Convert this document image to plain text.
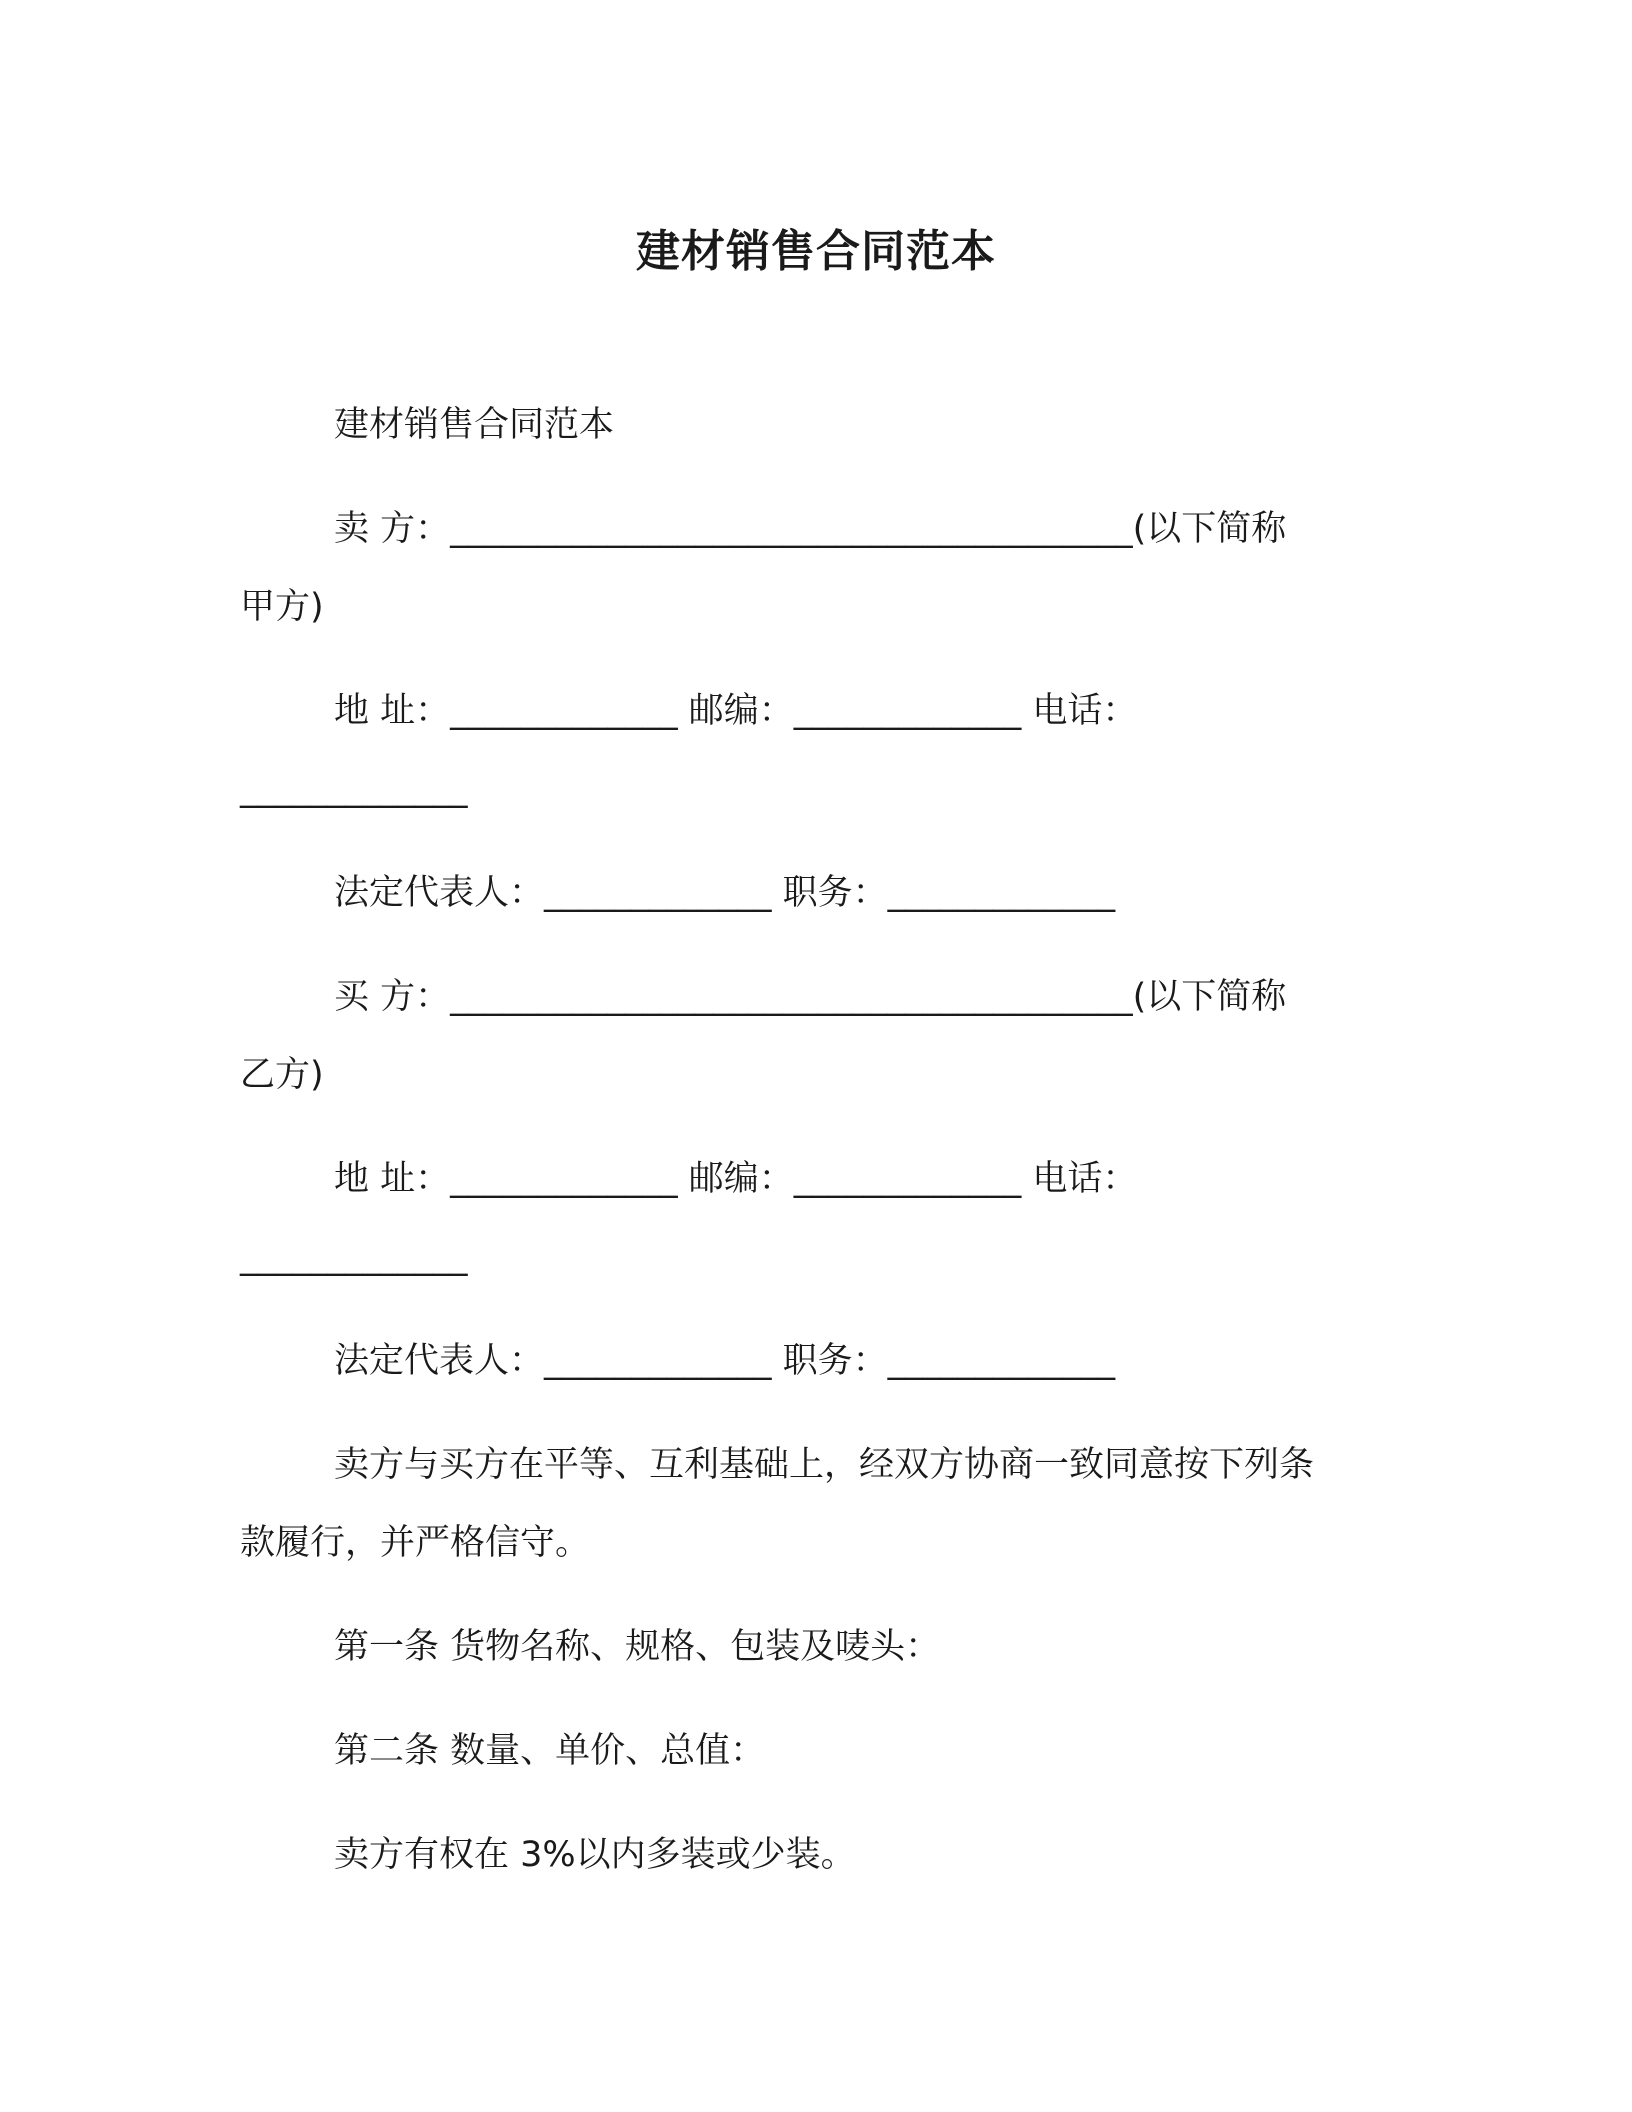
建材销售合同范本
建材销售合同范本
卖 方：_______________________________________(以下简称
甲方)
地 址：_____________ 邮编：_____________ 电话：
_____________
法定代表人：_____________ 职务：_____________
买 方：_______________________________________(以下简称
乙方)
地 址：_____________ 邮编：_____________ 电话：
_____________
法定代表人：_____________ 职务：_____________
卖方与买方在平等、互利基础上，经双方协商一致同意按下列条
款履行，并严格信守。
第一条 货物名称、规格、包装及唛头：
第二条 数量、单价、总值：
卖方有权在 3%以内多装或少装。
